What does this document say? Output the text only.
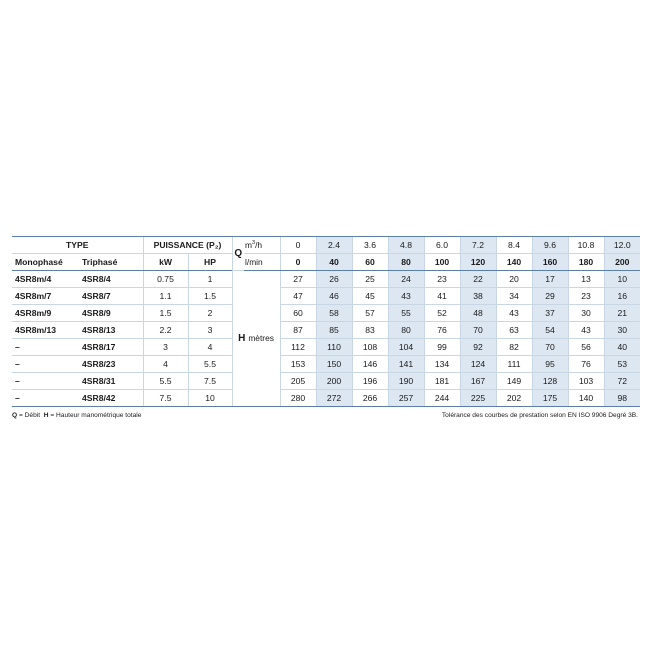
TYPE		PUISSANCE (P₂)		Q	$m^3/h$	0	2.4	3.6	4.8	6.0	7.2	8.4	9.6	10.8	12.0
Monophasé	Triphasé	kW	HP		l/min	0	40	60	80	100	120	140	160	180	200
4SR8m/4	4SR8/4	0.75	1	H mètres		27	26	25	24	23	22	20	17	13	10
4SR8m/7	4SR8/7	1.1	1.5			47	46	45	43	41	38	34	29	23	16
4SR8m/9	4SR8/9	1.5	2			60	58	57	55	52	48	43	37	30	21
4SR8m/13	4SR8/13	2.2	3			87	85	83	80	76	70	63	54	43	30
–	4SR8/17	3	4			112	110	108	104	99	92	82	70	56	40
–	4SR8/23	4	5.5			153	150	146	141	134	124	111	95	76	53
–	4SR8/31	5.5	7.5			205	200	196	190	181	167	149	128	103	72
–	4SR8/42	7.5	10			280	272	266	257	244	225	202	175	140	98
Q = Débit H = Hauteur manométrique totale	Tolérance des courbes de prestation selon EN ISO 9906 Degré 3B.
